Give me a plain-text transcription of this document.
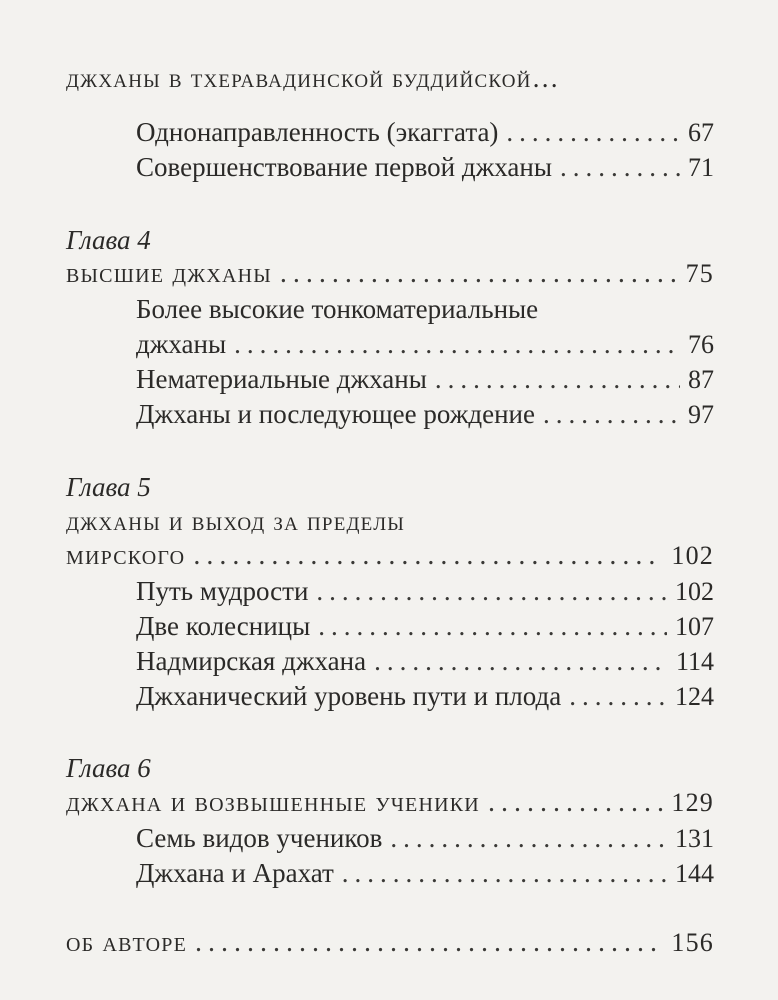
джханы в тхеравадинской буддийской…
Однонаправленность (экаггата) .....	67
Совершенствование первой джханы .....	71
Глава 4
высшие джханы .....	75
Более высокие тонкоматериальные
джханы .....	76
Нематериальные джханы .....	87
Джханы и последующее рождение .....	97
Глава 5
джханы и выход за пределы
мирского .....	102
Путь мудрости .....	102
Две колесницы .....	107
Надмирская джхана .....	114
Джханический уровень пути и плода .....	124
Глава 6
джхана и возвышенные ученики .....	129
Семь видов учеников .....	131
Джхана и Арахат .....	144
об авторе .....	156
